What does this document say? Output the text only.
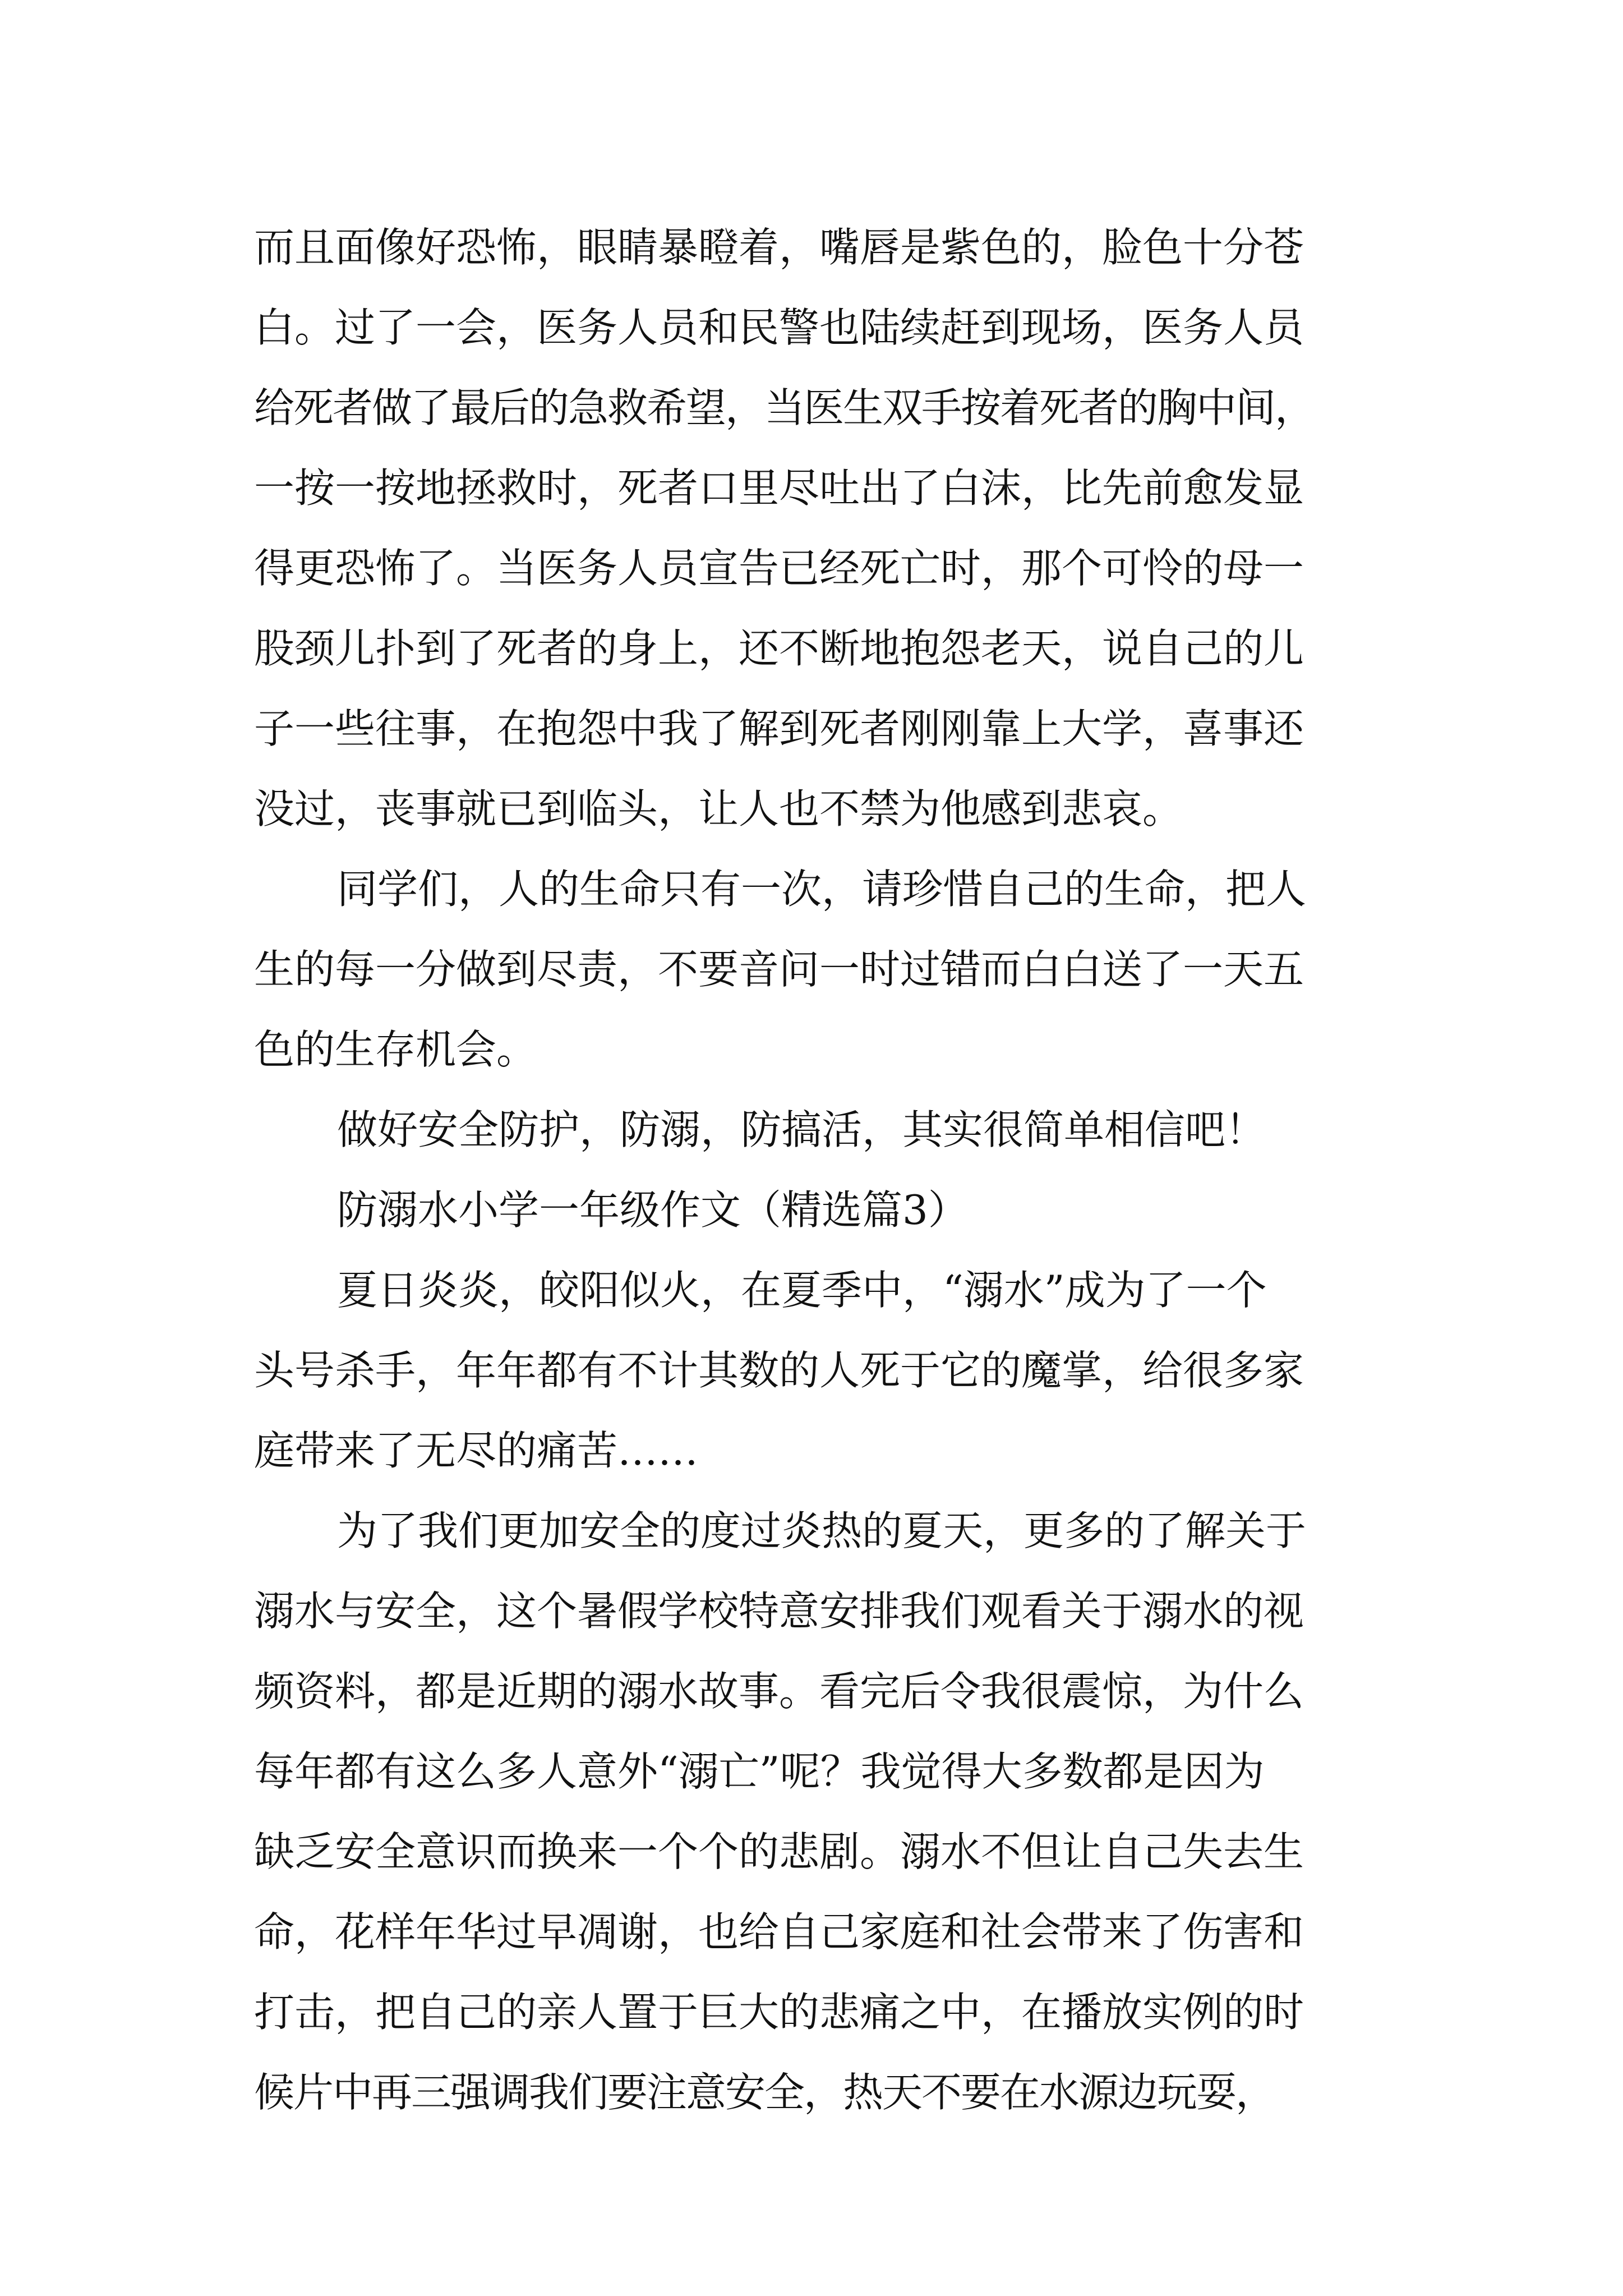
而且面像好恐怖，眼睛暴瞪着，嘴唇是紫色的，脸色十分苍
白。过了一会，医务人员和民警也陆续赶到现场，医务人员
给死者做了最后的急救希望，当医生双手按着死者的胸中间，
一按一按地拯救时，死者口里尽吐出了白沫，比先前愈发显
得更恐怖了。当医务人员宣告已经死亡时，那个可怜的母一
股颈儿扑到了死者的身上，还不断地抱怨老天，说自己的儿
子一些往事，在抱怨中我了解到死者刚刚靠上大学，喜事还
没过，丧事就已到临头，让人也不禁为他感到悲哀。
同学们，人的生命只有一次，请珍惜自己的生命，把人
生的每一分做到尽责，不要音问一时过错而白白送了一天五
色的生存机会。
做好安全防护，防溺，防搞活，其实很简单相信吧！
防溺水小学一年级作文（精选篇3）
夏日炎炎，皎阳似火，在夏季中，“溺水”成为了一个
头号杀手，年年都有不计其数的人死于它的魔掌，给很多家
庭带来了无尽的痛苦……
为了我们更加安全的度过炎热的夏天，更多的了解关于
溺水与安全，这个暑假学校特意安排我们观看关于溺水的视
频资料，都是近期的溺水故事。看完后令我很震惊，为什么
每年都有这么多人意外“溺亡”呢？我觉得大多数都是因为
缺乏安全意识而换来一个个的悲剧。溺水不但让自己失去生
命，花样年华过早凋谢，也给自己家庭和社会带来了伤害和
打击，把自己的亲人置于巨大的悲痛之中，在播放实例的时
候片中再三强调我们要注意安全，热天不要在水源边玩耍，
